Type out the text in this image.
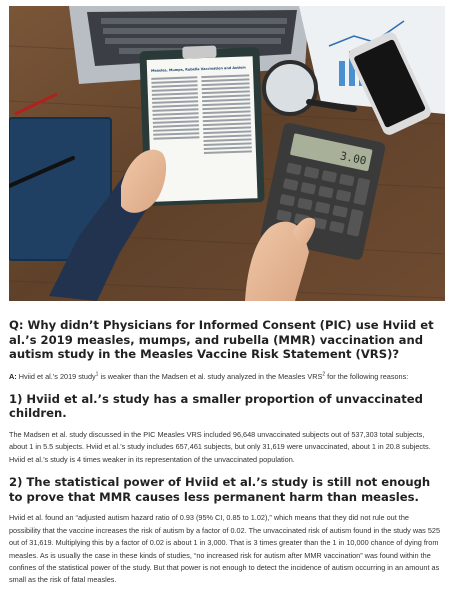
Measles, Mumps, Rubella Vaccination and Autism
3.00
Q: Why didn’t Physicians for Informed Consent (PIC) use Hviid et al.’s 2019 measles, mumps, and rubella (MMR) vaccination and autism study in the Measles Vaccine Risk Statement (VRS)?
A: Hviid et al.’s 2019 study$^1$ is weaker than the Madsen et al. study analyzed in the Measles VRS$^2$ for the following reasons:
1) Hviid et al.’s study has a smaller proportion of unvaccinated children.
The Madsen et al. study discussed in the PIC Measles VRS included 96,648 unvaccinated subjects out of 537,303 total subjects, about 1 in 5.5 subjects. Hviid et al.’s study includes 657,461 subjects, but only 31,619 were unvaccinated, about 1 in 20.8 subjects. Hviid et al.’s study is 4 times weaker in its representation of the unvaccinated population.
2) The statistical power of Hviid et al.’s study is still not enough to prove that MMR causes less permanent harm than measles.
Hviid et al. found an “adjusted autism hazard ratio of 0.93 (95% CI, 0.85 to 1.02),” which means that they did not rule out the possibility that the vaccine increases the risk of autism by a factor of 0.02. The unvaccinated risk of autism found in the study was 525 out of 31,619. Multiplying this by a factor of 0.02 is about 1 in 3,000. That is 3 times greater than the 1 in 10,000 chance of dying from measles. As is usually the case in these kinds of studies, “no increased risk for autism after MMR vaccination” was found within the confines of the statistical power of the study. But that power is not enough to detect the incidence of autism occurring in an amount as small as the risk of fatal measles.
